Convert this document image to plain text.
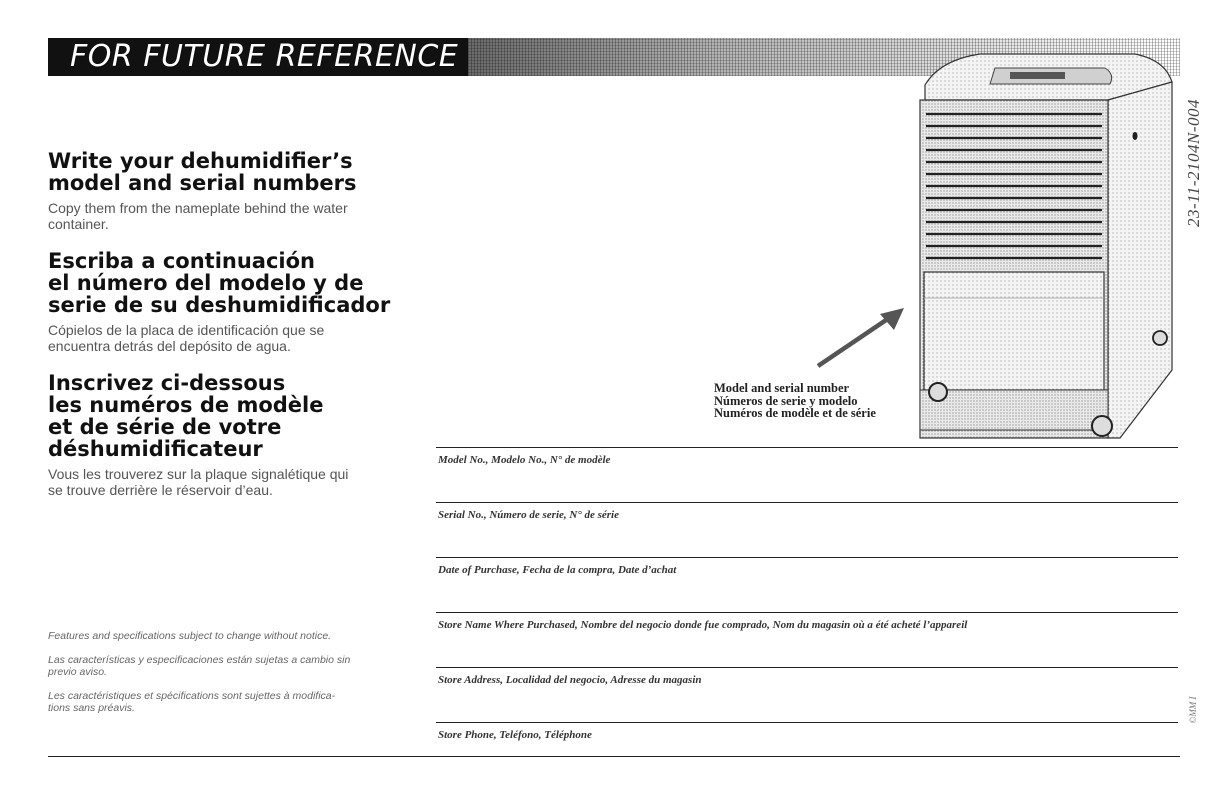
FOR FUTURE REFERENCE
Write your dehumidifier’s
model and serial numbers

Copy them from the nameplate behind the water
container.

Escriba a continuación
el número del modelo y de
serie de su deshumidificador

Cópielos de la placa de identificación que se
encuentra detrás del depósito de agua.

Inscrivez ci-dessous
les numéros de modèle
et de série de votre
déshumidificateur

Vous les trouverez sur la plaque signalétique qui
se trouve derrière le réservoir d’eau.

Features and specifications subject to change without notice.

Las características y especificaciones están sujetas a cambio sin
previo aviso.

Les caractéristiques et spécifications sont sujettes à modifica-
tions sans préavis.

Model and serial number
Números de serie y modelo
Numéros de modèle et de série
23-11-2104N-004
©MM I
Model No., Modelo No., N° de modèle
Serial No., Número de serie, N° de série
Date of Purchase, Fecha de la compra, Date d’achat
Store Name Where Purchased, Nombre del negocio donde fue comprado, Nom du magasin où a été acheté l’appareil
Store Address, Localidad del negocio, Adresse du magasin
Store Phone, Teléfono, Téléphone
